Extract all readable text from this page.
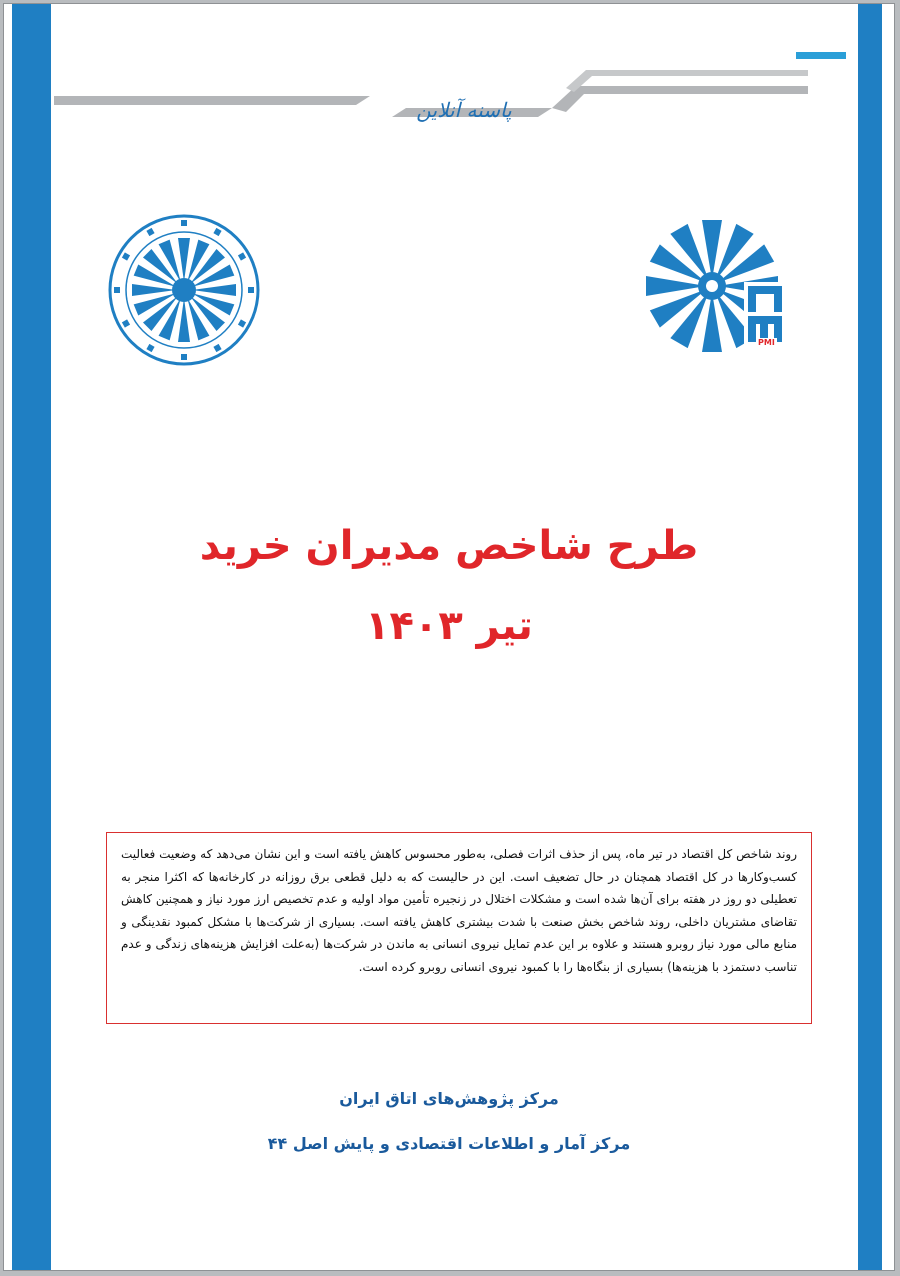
پاسنه آنلاین
PMI
طرح شاخص مدیران خرید
تیر ۱۴۰۳
روند شاخص کل اقتصاد در تیر ماه، پس از حذف اثرات فصلی، به‌طور محسوس کاهش یافته است و این نشان می‌دهد که وضعیت فعالیت کسب‌وکارها در کل اقتصاد همچنان در حال تضعیف است. این در حالیست که به دلیل قطعی برق روزانه در کارخانه‌ها که اکثرا منجر به تعطیلی دو روز در هفته برای آن‌ها شده است و مشکلات اختلال در زنجیره تأمین مواد اولیه و عدم تخصیص ارز مورد نیاز و همچنین کاهش تقاضای مشتریان داخلی، روند شاخص بخش صنعت با شدت بیشتری کاهش یافته است. بسیاری از شرکت‌ها با مشکل کمبود نقدینگی و منابع مالی مورد نیاز روبرو هستند و علاوه بر این عدم تمایل نیروی انسانی به ماندن در شرکت‌ها (به‌علت افزایش هزینه‌های زندگی و عدم تناسب دستمزد با هزینه‌ها) بسیاری از بنگاه‌ها را با کمبود نیروی انسانی روبرو کرده است.
مرکز پژوهش‌های اتاق ایران
مرکز آمار و اطلاعات اقتصادی و پایش اصل ۴۴
